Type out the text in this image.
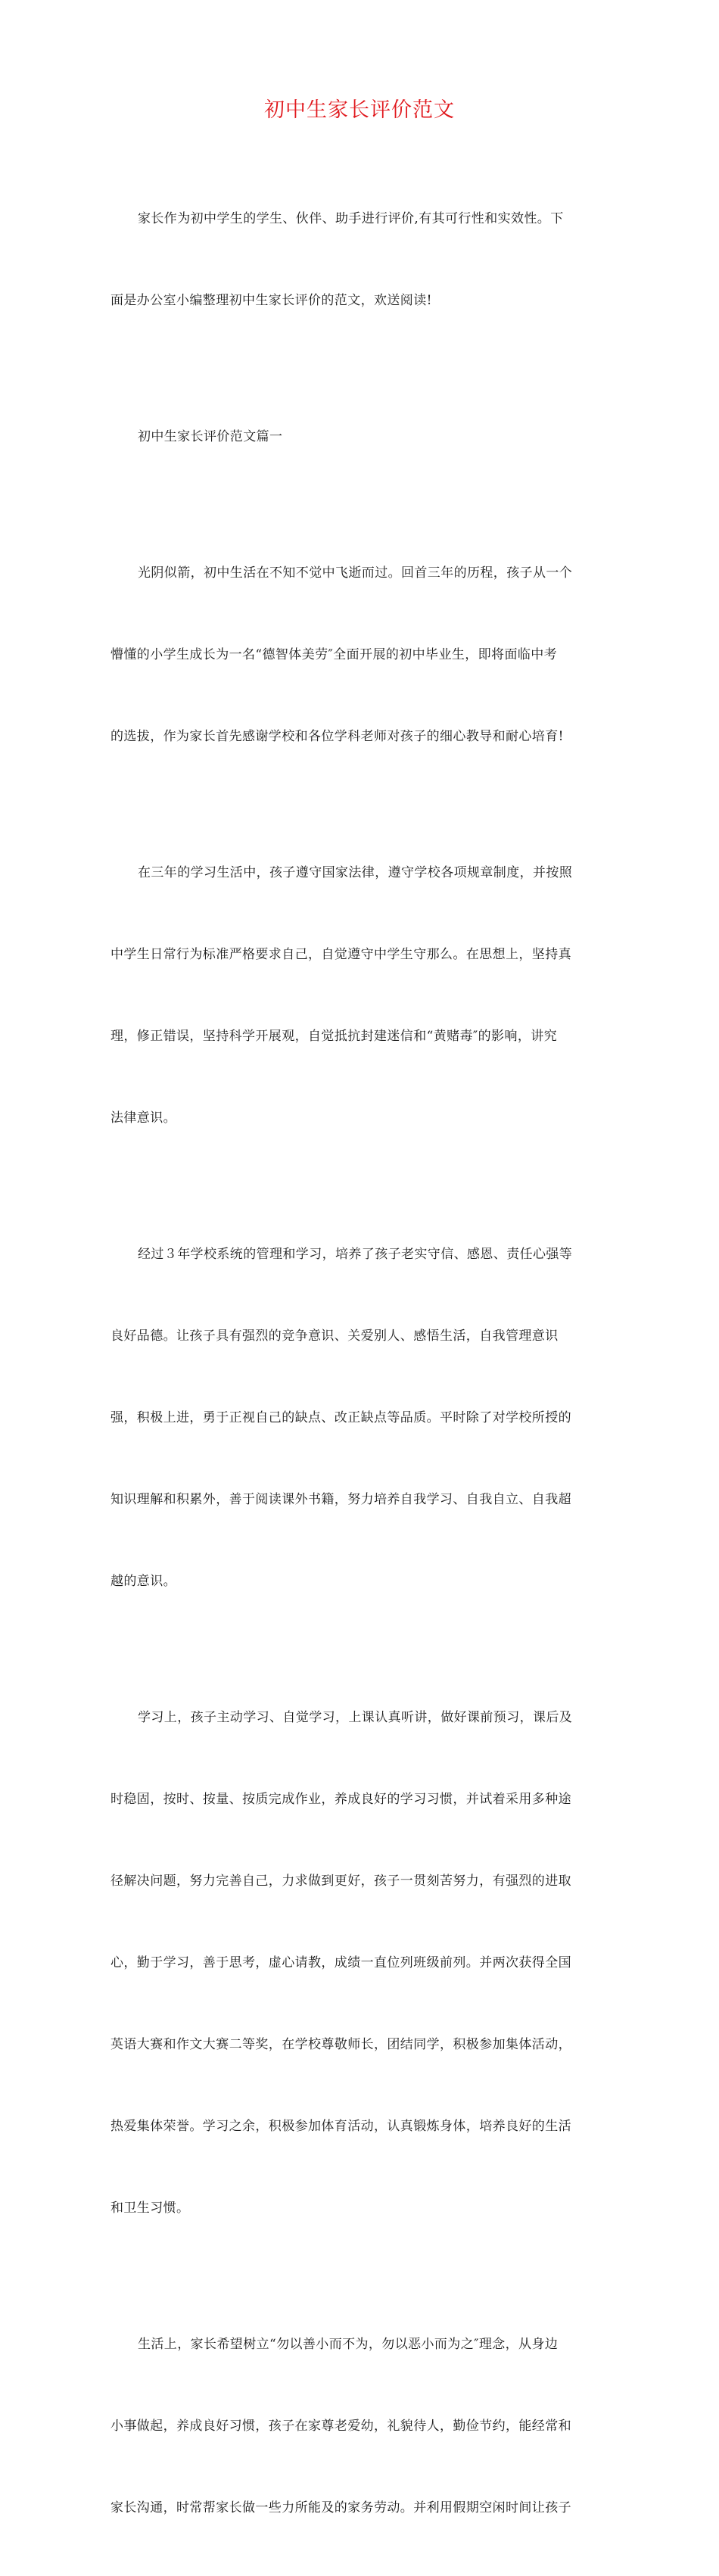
初中生家长评价范文

家长作为初中学生的学生、伙伴、助手进行评价,有其可行性和实效性。下

面是办公室小编整理初中生家长评价的范文，欢送阅读!

初中生家长评价范文篇一

光阴似箭，初中生活在不知不觉中飞逝而过。回首三年的历程，孩子从一个

懵懂的小学生成长为一名“德智体美劳″全面开展的初中毕业生，即将面临中考

的选拔，作为家长首先感谢学校和各位学科老师对孩子的细心教导和耐心培育!

在三年的学习生活中，孩子遵守国家法律，遵守学校各项规章制度，并按照

中学生日常行为标准严格要求自己，自觉遵守中学生守那么。在思想上，坚持真

理，修正错误，坚持科学开展观，自觉抵抗封建迷信和“黄赌毒″的影响，讲究

法律意识。

经过３年学校系统的管理和学习，培养了孩子老实守信、感恩、责任心强等

良好品德。让孩子具有强烈的竞争意识、关爱别人、感悟生活，自我管理意识

强，积极上进，勇于正视自己的缺点、改正缺点等品质。平时除了对学校所授的

知识理解和积累外，善于阅读课外书籍，努力培养自我学习、自我自立、自我超

越的意识。

学习上，孩子主动学习、自觉学习，上课认真听讲，做好课前预习，课后及

时稳固，按时、按量、按质完成作业，养成良好的学习习惯，并试着采用多种途

径解决问题，努力完善自己，力求做到更好，孩子一贯刻苦努力，有强烈的进取

心，勤于学习，善于思考，虚心请教，成绩一直位列班级前列。并两次获得全国

英语大赛和作文大赛二等奖，在学校尊敬师长，团结同学，积极参加集体活动，

热爱集体荣誉。学习之余，积极参加体育活动，认真锻炼身体，培养良好的生活

和卫生习惯。

生活上，家长希望树立“勿以善小而不为，勿以恶小而为之″理念，从身边

小事做起，养成良好习惯，孩子在家尊老爱幼，礼貌待人，勤俭节约，能经常和

家长沟通，时常帮家长做一些力所能及的家务劳动。并利用假期空闲时间让孩子
